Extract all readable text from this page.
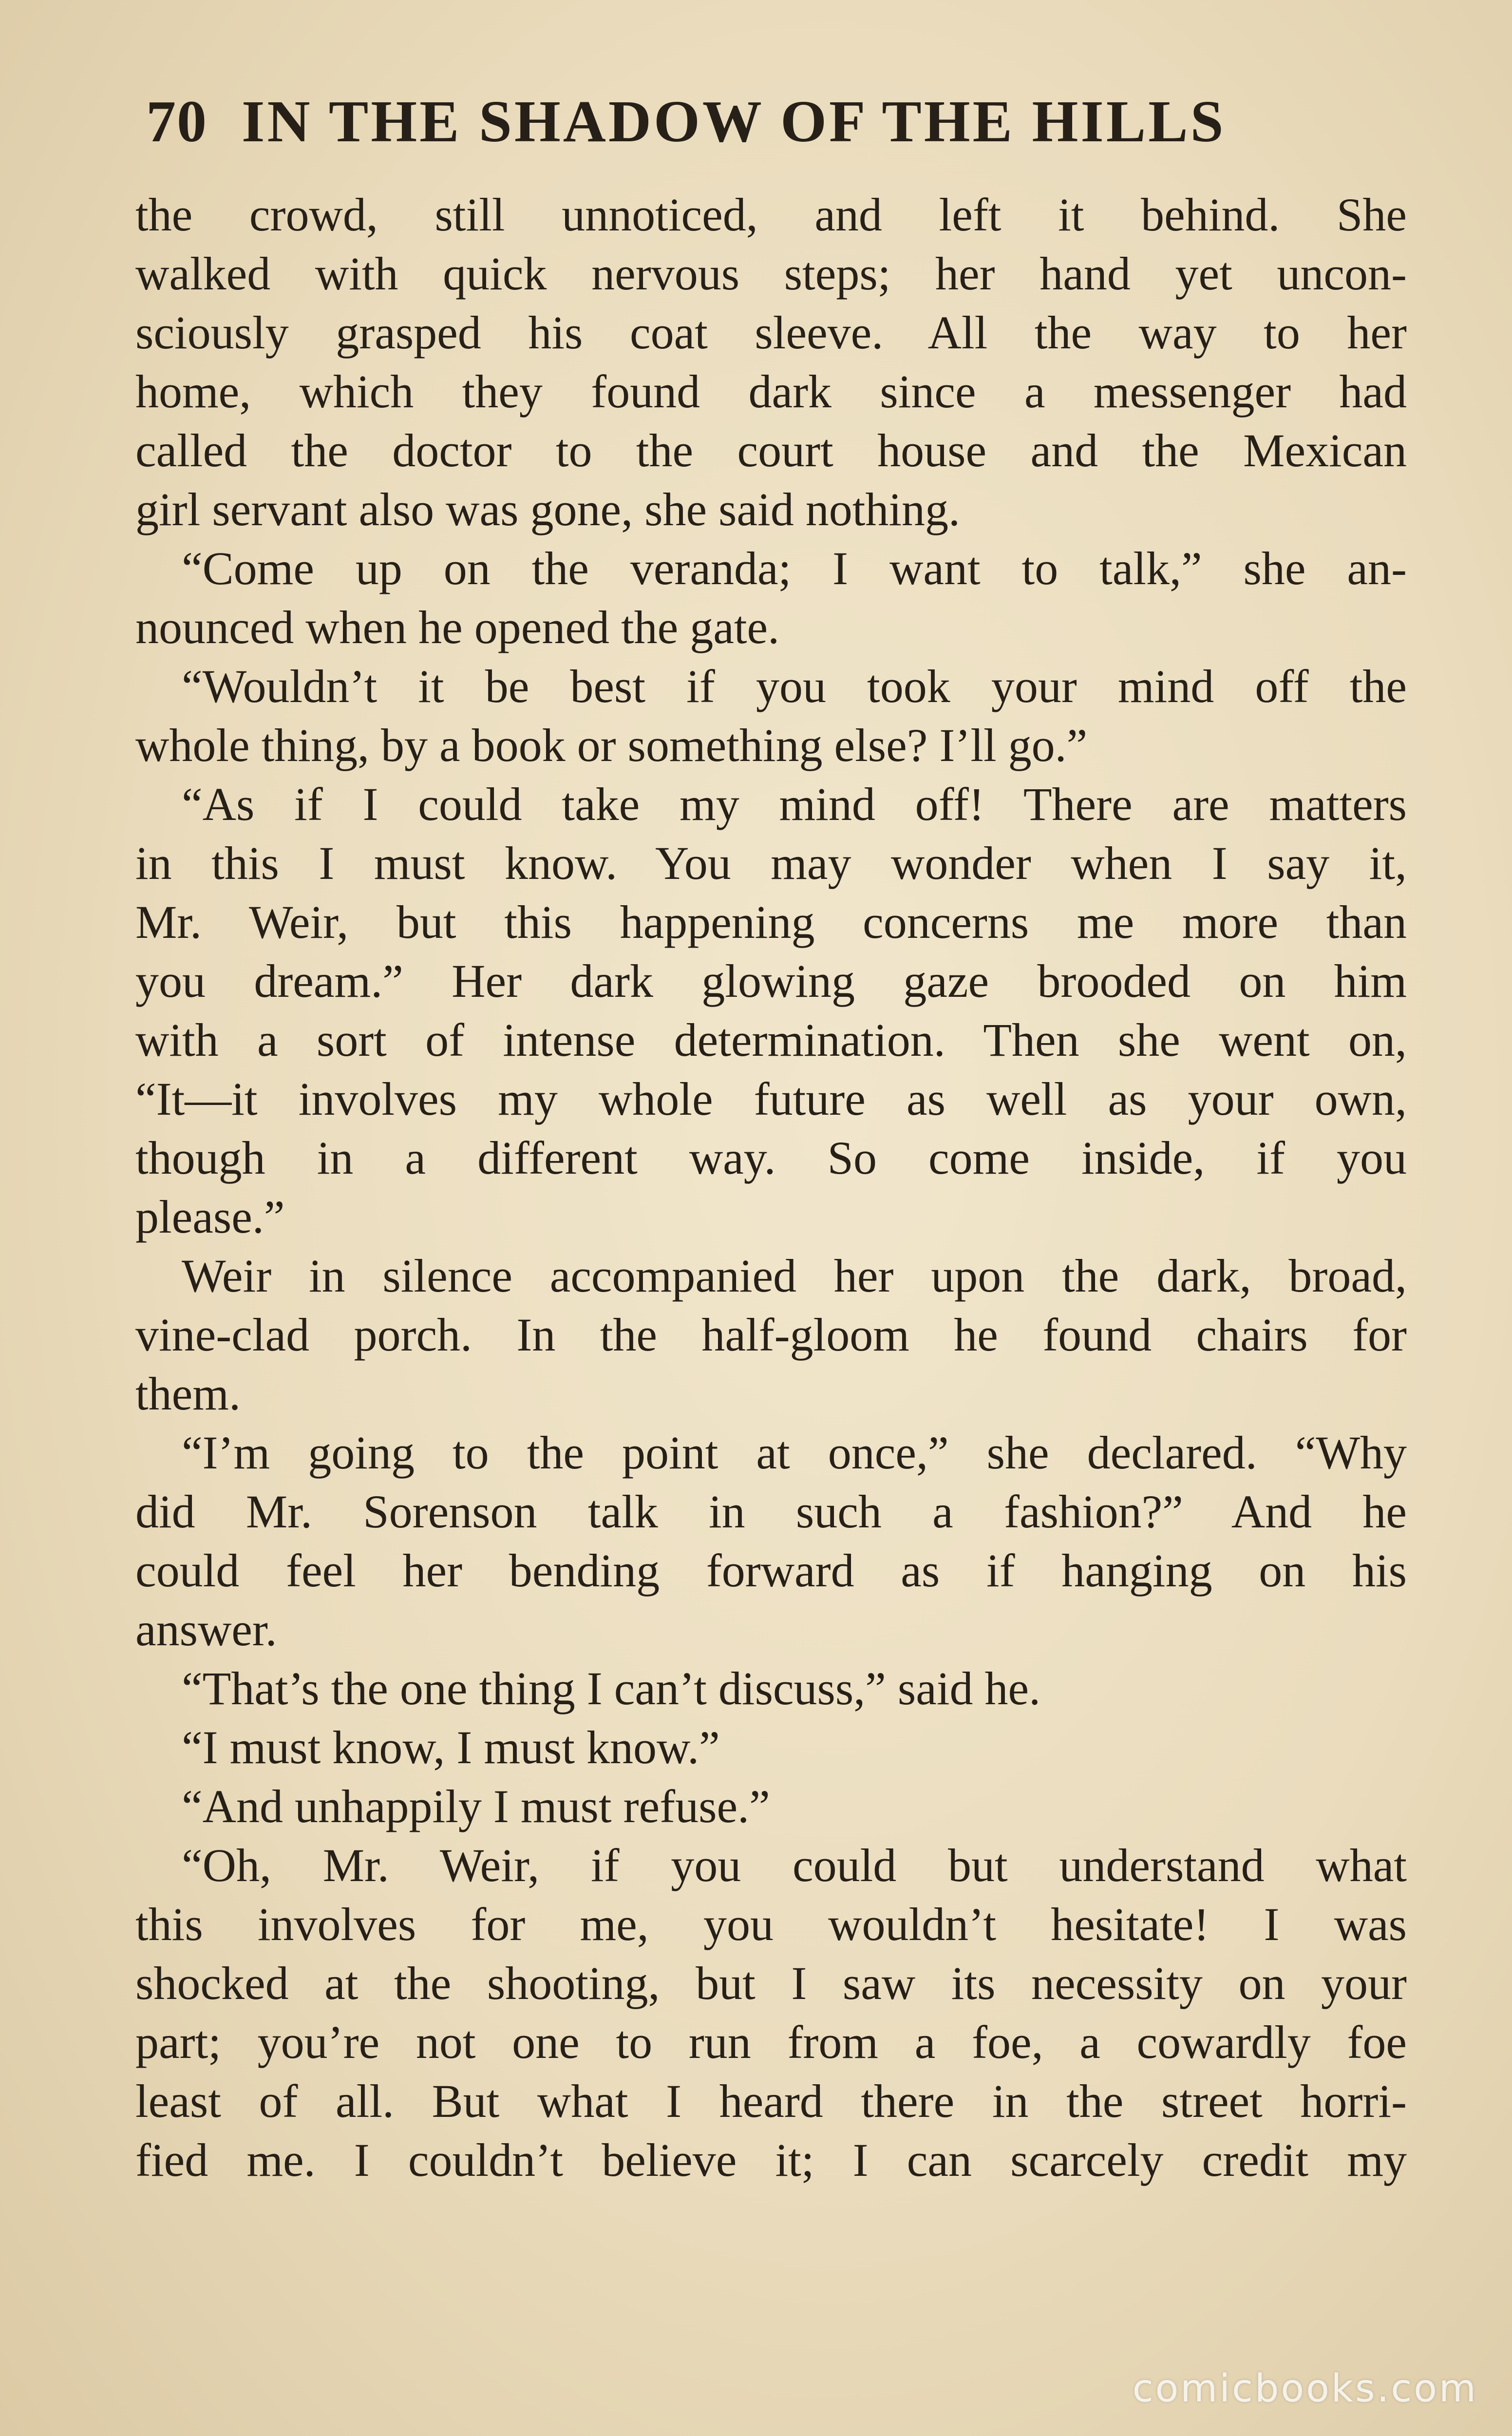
70 IN THE SHADOW OF THE HILLS
the crowd, still unnoticed, and left it behind. She
walked with quick nervous steps; her hand yet uncon-
sciously grasped his coat sleeve. All the way to her
home, which they found dark since a messenger had
called the doctor to the court house and the Mexican
girl servant also was gone, she said nothing.
“Come up on the veranda; I want to talk,” she an-
nounced when he opened the gate.
“Wouldn’t it be best if you took your mind off the
whole thing, by a book or something else? I’ll go.”
“As if I could take my mind off! There are matters
in this I must know. You may wonder when I say it,
Mr. Weir, but this happening concerns me more than
you dream.” Her dark glowing gaze brooded on him
with a sort of intense determination. Then she went on,
“It—it involves my whole future as well as your own,
though in a different way. So come inside, if you
please.”
Weir in silence accompanied her upon the dark, broad,
vine-clad porch. In the half-gloom he found chairs for
them.
“I’m going to the point at once,” she declared. “Why
did Mr. Sorenson talk in such a fashion?” And he
could feel her bending forward as if hanging on his
answer.
“That’s the one thing I can’t discuss,” said he.
“I must know, I must know.”
“And unhappily I must refuse.”
“Oh, Mr. Weir, if you could but understand what
this involves for me, you wouldn’t hesitate! I was
shocked at the shooting, but I saw its necessity on your
part; you’re not one to run from a foe, a cowardly foe
least of all. But what I heard there in the street horri-
fied me. I couldn’t believe it; I can scarcely credit my
comicbooks.com
